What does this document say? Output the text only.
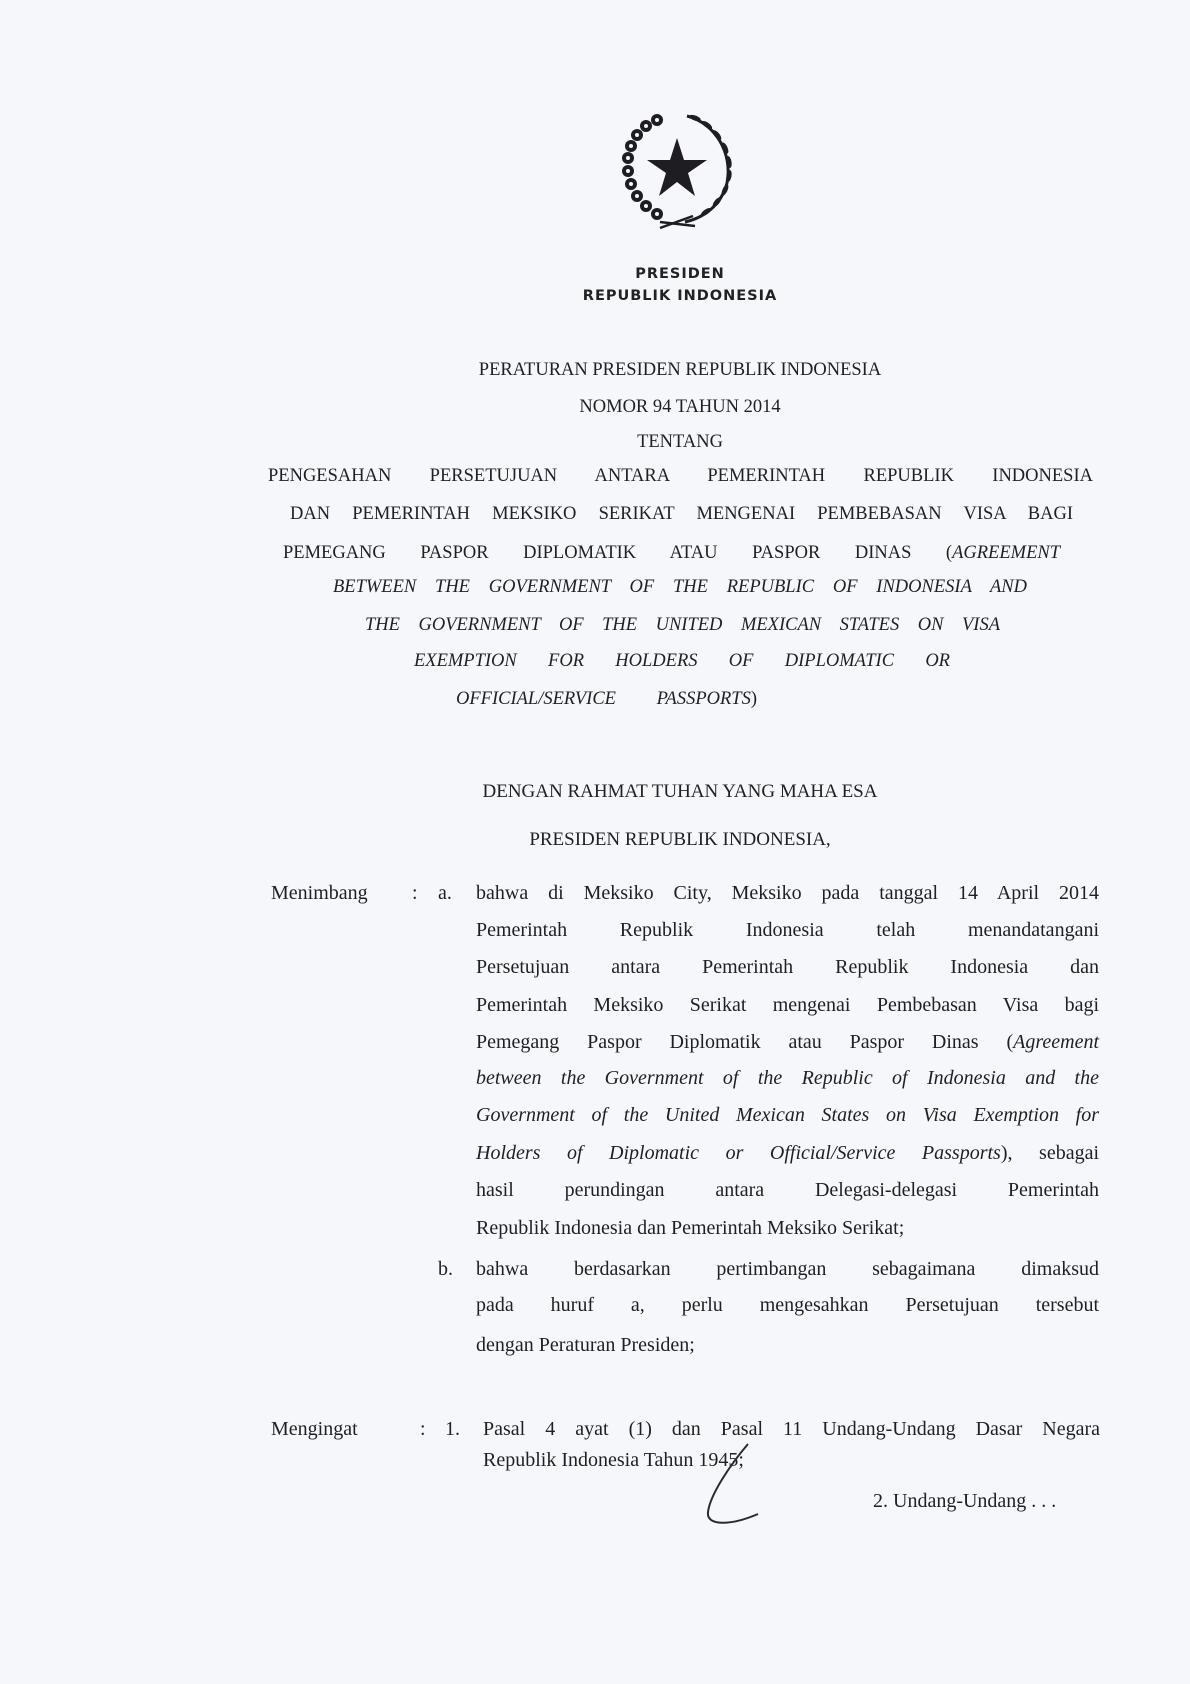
PRESIDEN
REPUBLIK INDONESIA
PERATURAN PRESIDEN REPUBLIK INDONESIA
NOMOR 94 TAHUN 2014
TENTANG
PENGESAHAN PERSETUJUAN ANTARA PEMERINTAH REPUBLIK INDONESIA
DAN PEMERINTAH MEKSIKO SERIKAT MENGENAI PEMBEBASAN VISA BAGI
PEMEGANG PASPOR DIPLOMATIK ATAU PASPOR DINAS (AGREEMENT
BETWEEN THE GOVERNMENT OF THE REPUBLIC OF INDONESIA AND
THE GOVERNMENT OF THE UNITED MEXICAN STATES ON VISA
EXEMPTION FOR HOLDERS OF DIPLOMATIC OR
OFFICIAL/SERVICE PASSPORTS)
DENGAN RAHMAT TUHAN YANG MAHA ESA
PRESIDEN REPUBLIK INDONESIA,
Menimbang :
Mengingat	:
a. bahwa di Meksiko City, Meksiko pada tanggal 14 April 2014
Pemerintah Republik Indonesia telah menandatangani
Persetujuan antara Pemerintah Republik Indonesia dan
Pemerintah Meksiko Serikat mengenai Pembebasan Visa bagi
Pemegang Paspor Diplomatik atau Paspor Dinas (Agreement
between the Government of the Republic of Indonesia and the
Government of the United Mexican States on Visa Exemption for
Holders of Diplomatic or Official/Service Passports), sebagai
hasil perundingan antara Delegasi-delegasi Pemerintah
Republik Indonesia dan Pemerintah Meksiko Serikat;
b. bahwa berdasarkan pertimbangan sebagaimana dimaksud
pada huruf a, perlu mengesahkan Persetujuan tersebut
dengan Peraturan Presiden;
1. Pasal 4 ayat (1) dan Pasal 11 Undang-Undang Dasar Negara
Republik Indonesia Tahun 1945;
2. Undang-Undang . . .
